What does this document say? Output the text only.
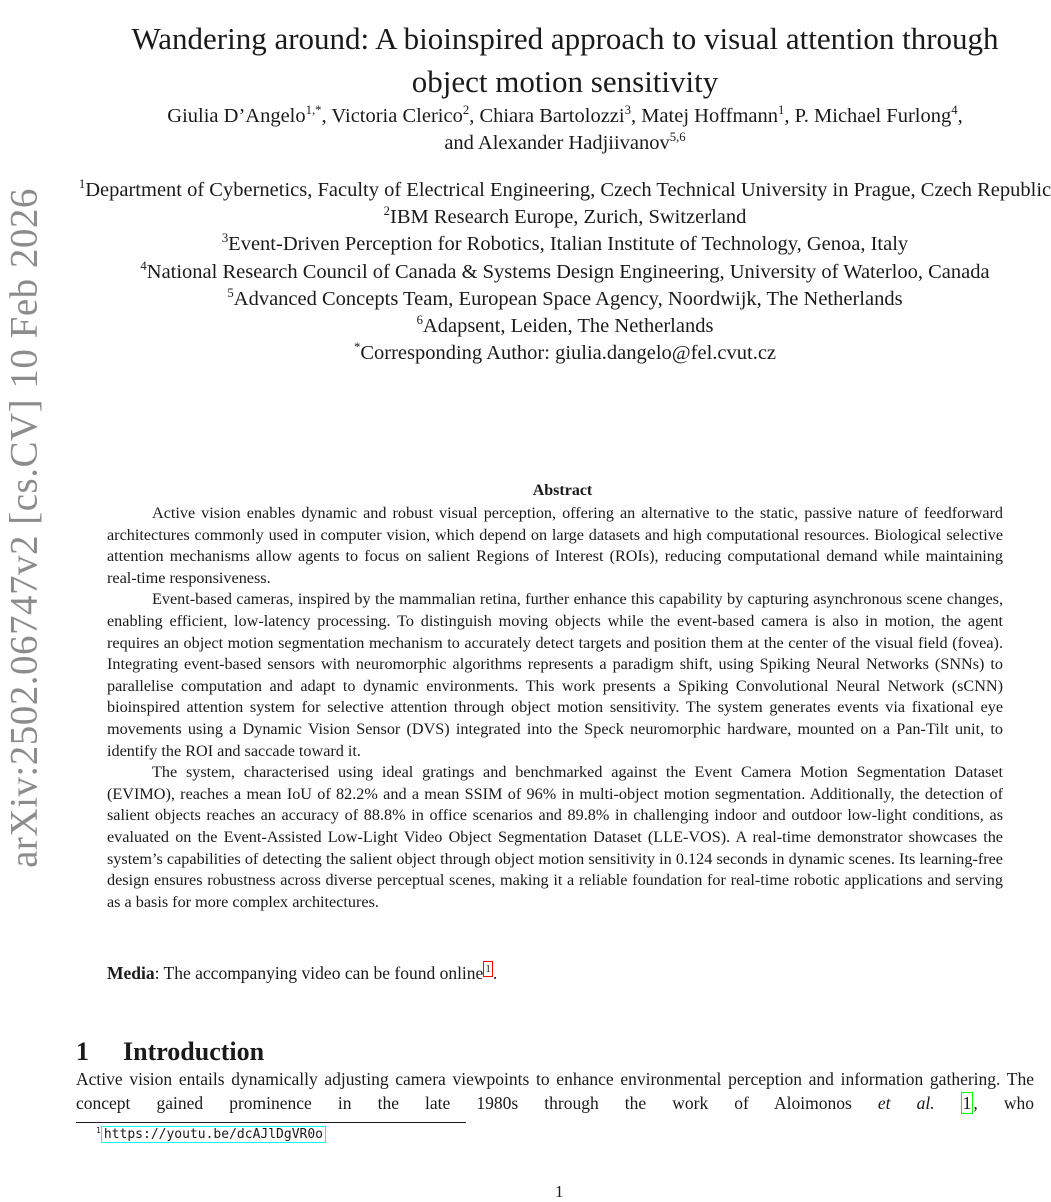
arXiv:2502.06747v2 [cs.CV] 10 Feb 2026
Wandering around: A bioinspired approach to visual attention through
object motion sensitivity
Giulia D’Angelo$^{1,*}$, Victoria Clerico$^2$, Chiara Bartolozzi$^3$, Matej Hoffmann$^1$, P. Michael Furlong$^4$,
and Alexander Hadjiivanov$^{5,6}$
$^1$Department of Cybernetics, Faculty of Electrical Engineering, Czech Technical University in Prague, Czech Republic
$^2$IBM Research Europe, Zurich, Switzerland
$^3$Event-Driven Perception for Robotics, Italian Institute of Technology, Genoa, Italy
$^4$National Research Council of Canada & Systems Design Engineering, University of Waterloo, Canada
$^5$Advanced Concepts Team, European Space Agency, Noordwijk, The Netherlands
$^6$Adapsent, Leiden, The Netherlands
*Corresponding Author: giulia.dangelo@fel.cvut.cz
Abstract

Active vision enables dynamic and robust visual perception, offering an alternative to the static, passive nature of feedforward architectures commonly used in computer vision, which depend on large datasets and high computational resources. Biological selective attention mechanisms allow agents to focus on salient Regions of Interest (ROIs), reducing computational demand while maintaining real-time responsiveness.

Event-based cameras, inspired by the mammalian retina, further enhance this capability by capturing asynchronous scene changes, enabling efficient, low-latency processing. To distinguish moving objects while the event-based camera is also in motion, the agent requires an object motion segmentation mechanism to accurately detect targets and position them at the center of the visual field (fovea). Integrating event-based sensors with neuromorphic algorithms represents a paradigm shift, using Spiking Neural Networks (SNNs) to parallelise computation and adapt to dynamic environments. This work presents a Spiking Convolutional Neural Network (sCNN) bioinspired attention system for selective attention through object motion sensitivity. The system generates events via fixational eye movements using a Dynamic Vision Sensor (DVS) integrated into the Speck neuromorphic hardware, mounted on a Pan-Tilt unit, to identify the ROI and saccade toward it.

The system, characterised using ideal gratings and benchmarked against the Event Camera Motion Segmentation Dataset (EVIMO), reaches a mean IoU of 82.2% and a mean SSIM of 96% in multi-object motion segmentation. Additionally, the detection of salient objects reaches an accuracy of 88.8% in office scenarios and 89.8% in challenging indoor and outdoor low-light conditions, as evaluated on the Event-Assisted Low-Light Video Object Segmentation Dataset (LLE-VOS). A real-time demonstrator showcases the system’s capabilities of detecting the salient object through object motion sensitivity in 0.124 seconds in dynamic scenes. Its learning-free design ensures robustness across diverse perceptual scenes, making it a reliable foundation for real-time robotic applications and serving as a basis for more complex architectures.

Media: The accompanying video can be found online 1 .
1 Introduction
Active vision entails dynamically adjusting camera viewpoints to enhance environmental perception and information gathering. The concept gained prominence in the late 1980s through the work of Aloimonos et al. 1 , who
$^1$ https://youtu.be/dcAJlDgVR0o
1
